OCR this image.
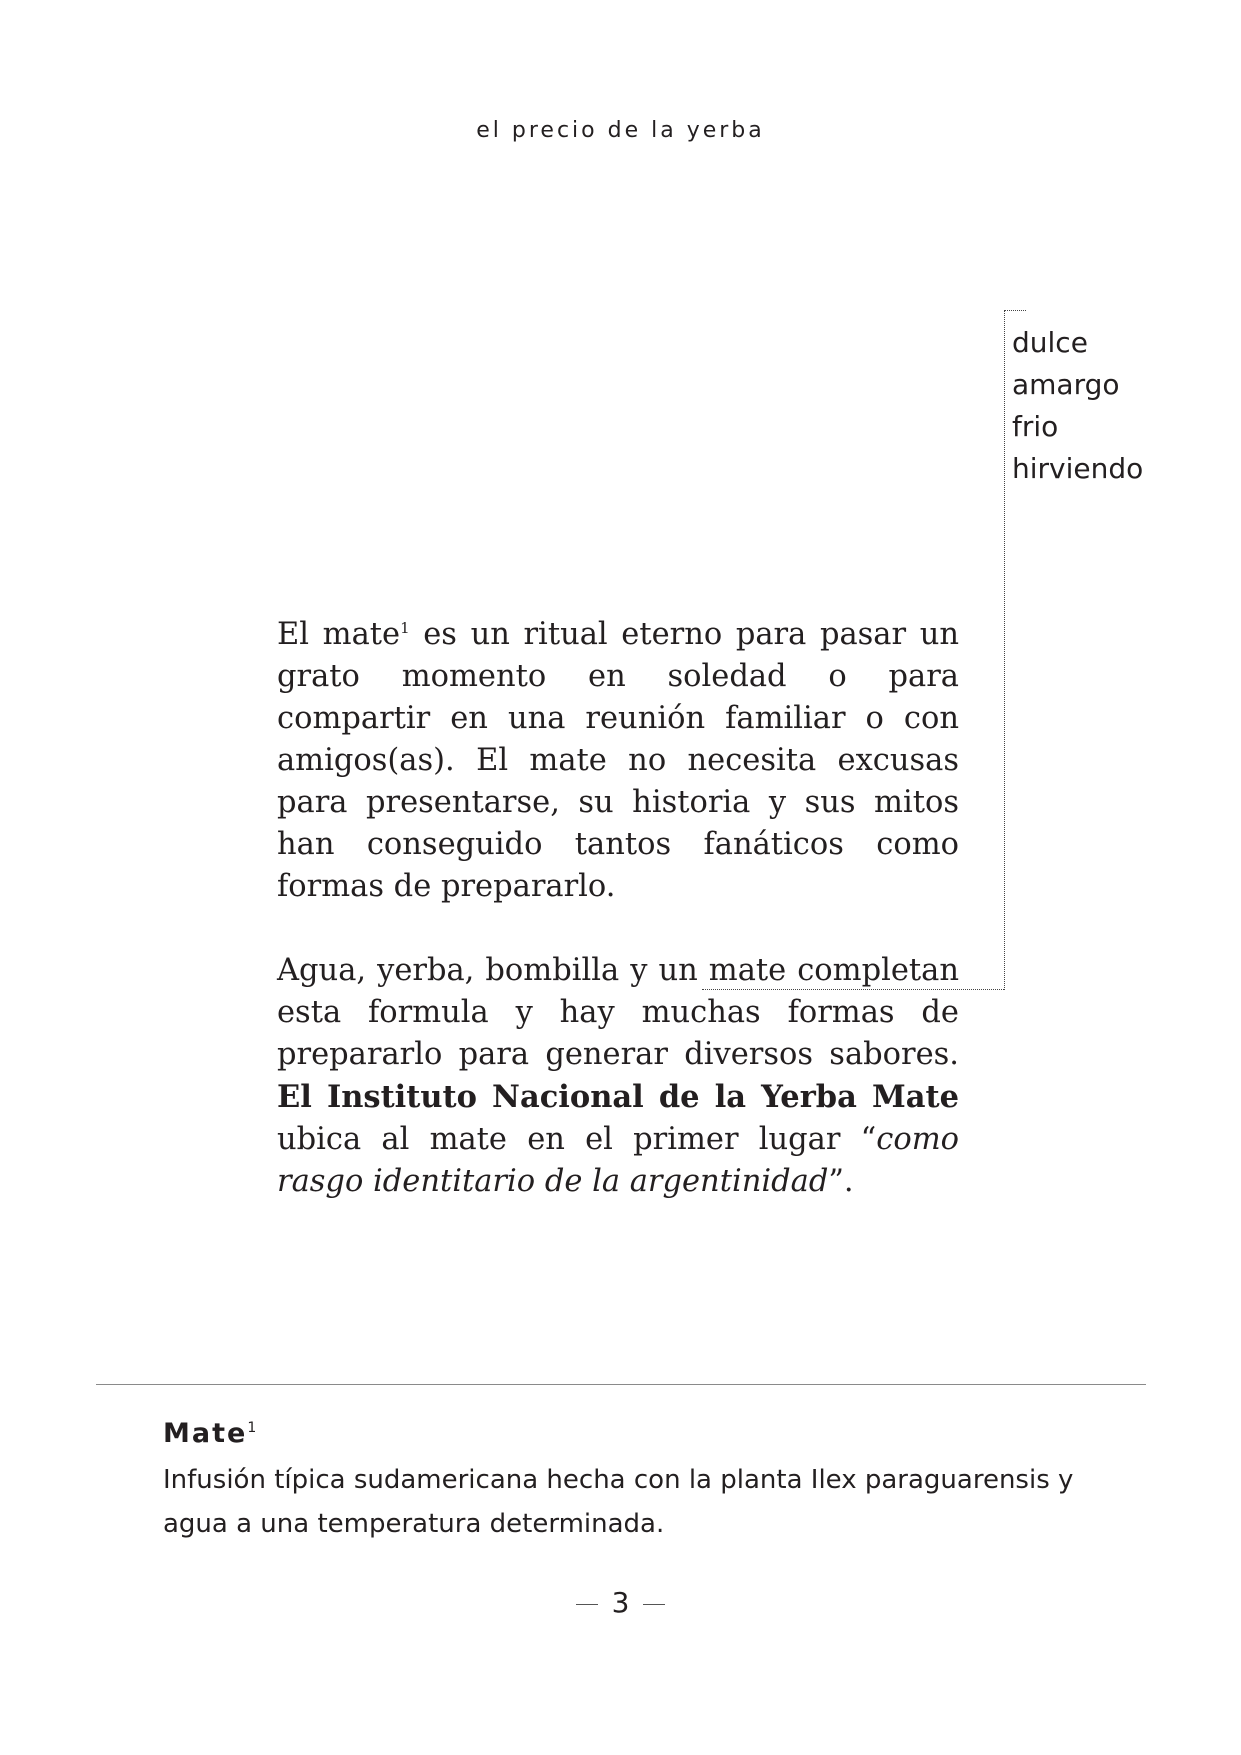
el precio de la yerba
dulce
amargo
frio
hirviendo

El mate$^1$ es un ritual eterno para pasar un grato momento en soledad o para compartir en una reunión familiar o con amigos(as). El mate no necesita excusas para presentarse, su historia y sus mitos han conseguido tantos fanáticos como formas de prepararlo.

Agua, yerba, bombilla y un mate completan esta formula y hay muchas formas de prepararlo para generar diversos sabores. El Instituto Nacional de la Yerba Mate ubica al mate en el primer lugar “como rasgo identitario de la argentinidad”.

Mate$^1$
Infusión típica sudamericana hecha con la planta Ilex paraguarensis y agua a una temperatura determinada.
3
